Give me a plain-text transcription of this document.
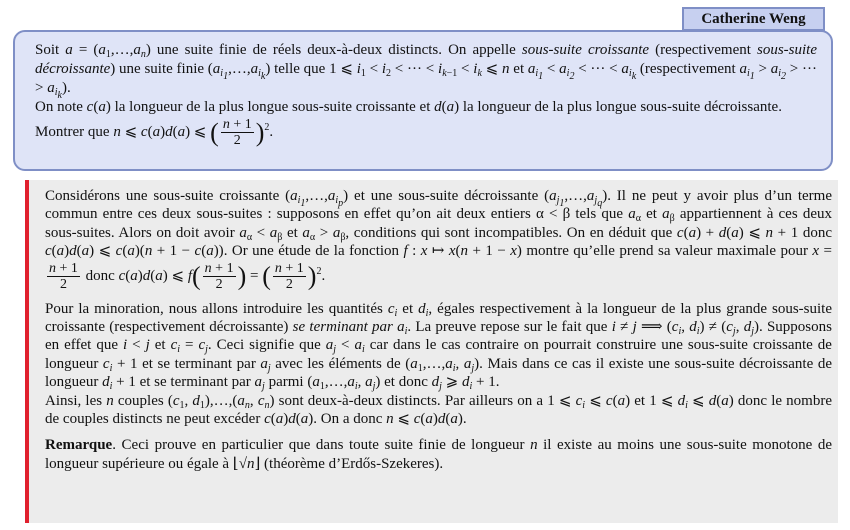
Catherine Weng

Soit $a = (a_1,\dots,a_n)$ une suite finie de réels deux-à-deux distincts. On appelle sous-suite croissante (respectivement sous-suite décroissante) une suite finie $(a_{i_1},\dots,a_{i_k})$ telle que 1 ⩽ $i_1 < i_2$ < ··· < $i_{k-1} < i_k$ ⩽ n et $a_{i_1} < a_{i_2}$ < ··· < $a_{i_k}$ (respectivement $a_{i_1} > a_{i_2}$ > ··· > $a_{i_k}$).

On note c(a) la longueur de la plus longue sous-suite croissante et d(a) la longueur de la plus longue sous-suite décroissante.

Montrer que n ⩽ c(a)d(a) ⩽ ( $\frac{n + 1}{2} )^2$.

Considérons une sous-suite croissante $(a_{i_1},\dots,a_{i_p})$ et une sous-suite décroissante $(a_{j_1},\dots,a_{j_q})$. Il ne peut y avoir plus d’un terme commun entre ces deux sous-suites : supposons en effet qu’on ait deux entiers α < β tels que $a_\alpha$ et $a_\beta$ appartiennent à ces deux sous-suites. Alors on doit avoir $a_\alpha < a_\beta$ et $a_\alpha > a_\beta$, conditions qui sont incompatibles. On en déduit que c(a) + d(a) ⩽ n + 1 donc c(a)d(a) ⩽ c(a)(n + 1 − c(a)). Or une étude de la fonction f : x ↦ x(n + 1 − x) montre qu’elle prend sa valeur maximale pour x =
$\frac{n + 1}{2}$ donc c(a)d(a) ⩽ $f( \frac{n + 1}{2}$ ) = ( $\frac{n + 1}{2} )^2$.

Pour la minoration, nous allons introduire les quantités $c_i$ et $d_i$, égales respectivement à la longueur de la plus grande sous-suite croissante (respectivement décroissante) se terminant par $a_i$. La preuve repose sur le fait que i ≠ j ⟹ ($c_i$, $d_i) \ne (c_j$, $d_j$). Supposons en effet que i < j et $c_i = c_j$. Ceci signifie que $a_j < a_i$ car dans le cas contraire on pourrait construire une sous-suite croissante de longueur $c_i + 1$ et se terminant par $a_j$ avec les éléments de ($a_1,\dots,a_i$, $a_j$). Mais dans ce cas il existe une sous-suite décroissante de longueur $d_i + 1$ et se terminant par $a_j$ parmi ($a_1,\dots,a_i$, $a_j$) et donc $d_j$ ⩾ $d_i + 1$.

Ainsi, les n couples ($c_1$, $d_1),\dots,(a_n$, $c_n$) sont deux-à-deux distincts. Par ailleurs on a 1 ⩽ $c_i$ ⩽ c(a) et 1 ⩽ $d_i$ ⩽ d(a) donc le nombre de couples distincts ne peut excéder c(a)d(a). On a donc n ⩽ c(a)d(a).

Remarque. Ceci prouve en particulier que dans toute suite finie de longueur n il existe au moins une sous-suite monotone de longueur supérieure ou égale à ⌊√n⌋ (théorème d’Erdős-Szekeres).
